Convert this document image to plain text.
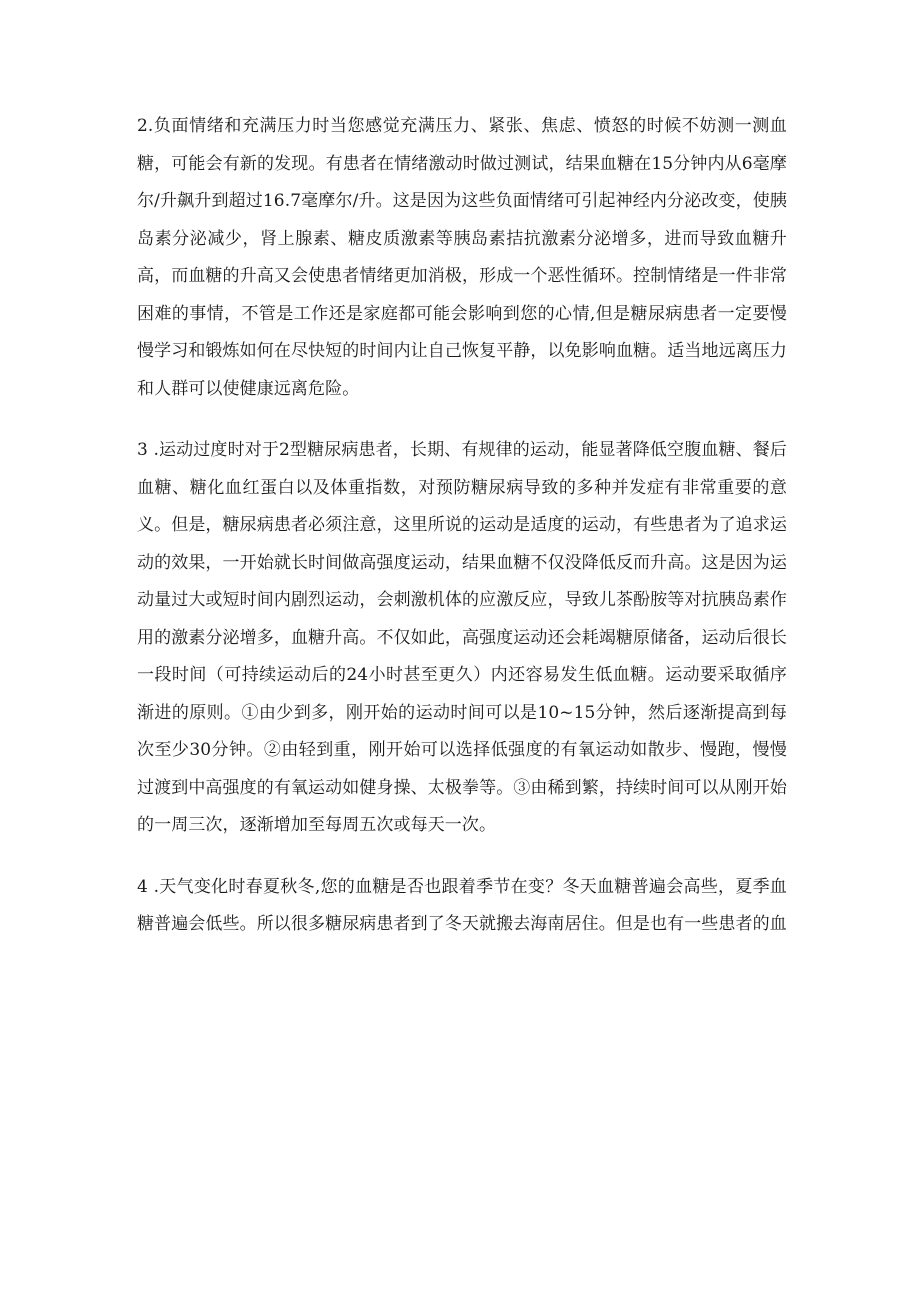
2.负面情绪和充满压力时当您感觉充满压力、紧张、焦虑、愤怒的时候不妨测一测血糖，可能会有新的发现。有患者在情绪激动时做过测试，结果血糖在15分钟内从6毫摩尔/升飙升到超过16.7毫摩尔/升。这是因为这些负面情绪可引起神经内分泌改变，使胰岛素分泌减少，肾上腺素、糖皮质激素等胰岛素拮抗激素分泌增多，进而导致血糖升高，而血糖的升高又会使患者情绪更加消极，形成一个恶性循环。控制情绪是一件非常困难的事情，不管是工作还是家庭都可能会影响到您的心情,但是糖尿病患者一定要慢慢学习和锻炼如何在尽快短的时间内让自己恢复平静，以免影响血糖。适当地远离压力和人群可以使健康远离危险。

3 .运动过度时对于2型糖尿病患者，长期、有规律的运动，能显著降低空腹血糖、餐后血糖、糖化血红蛋白以及体重指数，对预防糖尿病导致的多种并发症有非常重要的意义。但是，糖尿病患者必须注意，这里所说的运动是适度的运动，有些患者为了追求运动的效果，一开始就长时间做高强度运动，结果血糖不仅没降低反而升高。这是因为运动量过大或短时间内剧烈运动，会刺激机体的应激反应，导致儿茶酚胺等对抗胰岛素作用的激素分泌增多，血糖升高。不仅如此，高强度运动还会耗竭糖原储备，运动后很长一段时间（可持续运动后的24小时甚至更久）内还容易发生低血糖。运动要采取循序渐进的原则。①由少到多，刚开始的运动时间可以是10~15分钟，然后逐渐提高到每次至少30分钟。②由轻到重，刚开始可以选择低强度的有氧运动如散步、慢跑，慢慢过渡到中高强度的有氧运动如健身操、太极拳等。③由稀到繁，持续时间可以从刚开始的一周三次，逐渐增加至每周五次或每天一次。

4 .天气变化时春夏秋冬,您的血糖是否也跟着季节在变？冬天血糖普遍会高些，夏季血糖普遍会低些。所以很多糖尿病患者到了冬天就搬去海南居住。但是也有一些患者的血
